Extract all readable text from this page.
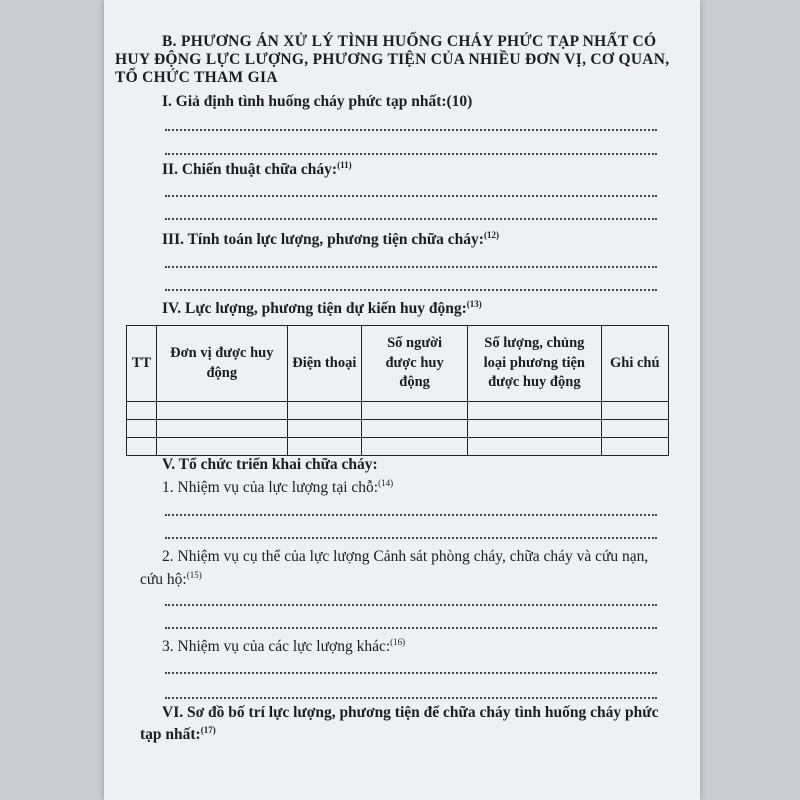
B. PHƯƠNG ÁN XỬ LÝ TÌNH HUỐNG CHÁY PHỨC TẠP NHẤT CÓ
HUY ĐỘNG LỰC LƯỢNG, PHƯƠNG TIỆN CỦA NHIỀU ĐƠN VỊ, CƠ QUAN,
TỔ CHỨC THAM GIA
I. Giả định tình huống cháy phức tạp nhất:(10)
II. Chiến thuật chữa cháy:$^{(11)}$
III. Tính toán lực lượng, phương tiện chữa cháy:$^{(12)}$
IV. Lực lượng, phương tiện dự kiến huy động:$^{(13)}$
TT	Đơn vị được huy động	Điện thoại	Số người được huy động	Số lượng, chủng loại phương tiện được huy động	Ghi chú

V. Tổ chức triển khai chữa cháy:
1. Nhiệm vụ của lực lượng tại chỗ:$^{(14)}$
2. Nhiệm vụ cụ thể của lực lượng Cảnh sát phòng cháy, chữa cháy và cứu nạn,
cứu hộ:$^{(15)}$
3. Nhiệm vụ của các lực lượng khác:$^{(16)}$
VI. Sơ đồ bố trí lực lượng, phương tiện để chữa cháy tình huống cháy phức
tạp nhất:$^{(17)}$
